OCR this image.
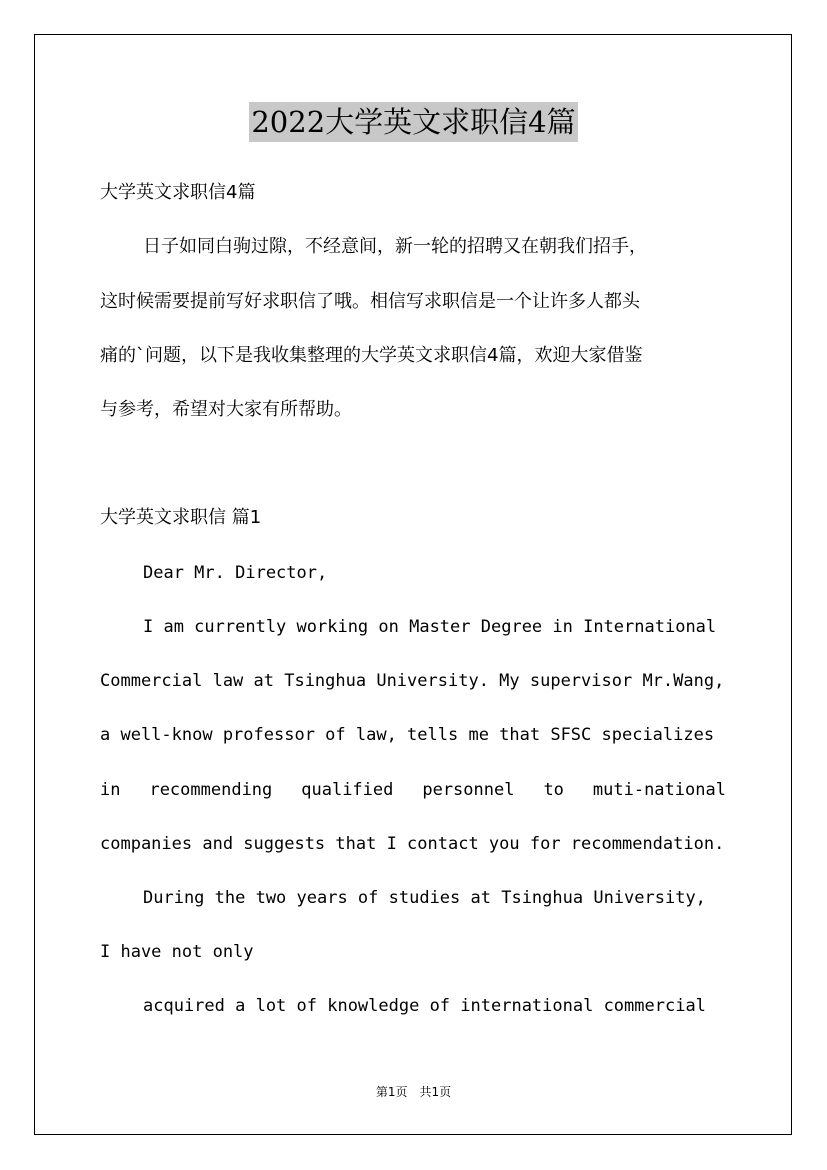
2022大学英文求职信4篇

大学英文求职信4篇

日子如同白驹过隙，不经意间，新一轮的招聘又在朝我们招手，

这时候需要提前写好求职信了哦。相信写求职信是一个让许多人都头

痛的`问题，以下是我收集整理的大学英文求职信4篇，欢迎大家借鉴

与参考，希望对大家有所帮助。

大学英文求职信 篇1

Dear Mr. Director,

I am currently working on Master Degree in International

Commercial law at Tsinghua University. My supervisor Mr.Wang,

a well-know professor of law, tells me that SFSC specializes

in recommending qualified personnel to muti-national

companies and suggests that I contact you for recommendation.

During the two years of studies at Tsinghua University,

I have not only

acquired a lot of knowledge of international commercial

第1页　共1页
